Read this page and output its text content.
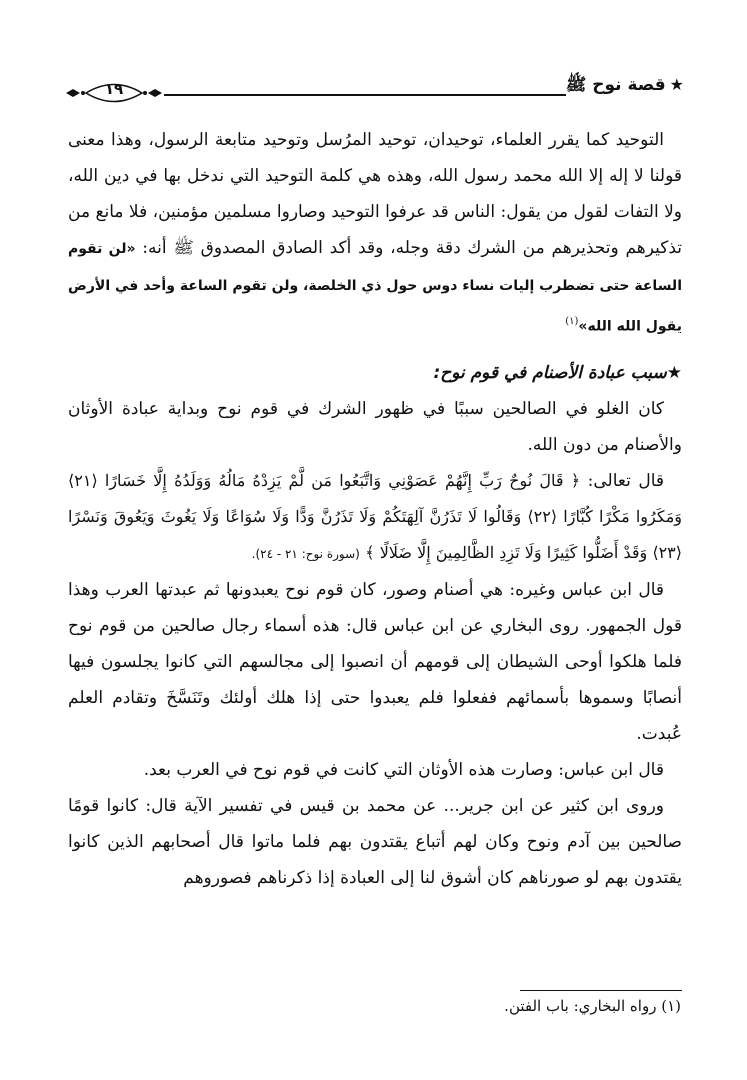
★قصة نوح ﷺ
١٩

التوحيد كما يقرر العلماء، توحيدان، توحيد المرُسل وتوحيد متابعة الرسول، وهذا معنى قولنا لا إله إلا الله محمد رسول الله، وهذه هي كلمة التوحيد التي ندخل بها في دين الله، ولا التفات لقول من يقول: الناس قد عرفوا التوحيد وصاروا مسلمين مؤمنين، فلا مانع من تذكيرهم وتحذيرهم من الشرك دقة وجله، وقد أكد الصادق المصدوق ﷺ أنه: «لن تقوم الساعة حتى تضطرب إليات نساء دوس حول ذي الخلصة، ولن تقوم الساعة وأحد في الأرض يقول الله الله»$^{(١)}$

★سبب عبادة الأصنام في قوم نوح:

كان الغلو في الصالحين سببًا في ظهور الشرك في قوم نوح وبداية عبادة الأوثان والأصنام من دون الله.

قال تعالى: ﴿ قَالَ نُوحٌ رَبِّ إِنَّهُمْ عَصَوْنِي وَاتَّبَعُوا مَن لَّمْ يَزِدْهُ مَالُهُ وَوَلَدُهُ إِلَّا خَسَارًا ⟨٢١⟩ وَمَكَرُوا مَكْرًا كُبَّارًا ⟨٢٢⟩ وَقَالُوا لَا تَذَرُنَّ آلِهَتَكُمْ وَلَا تَذَرُنَّ وَدًّا وَلَا سُوَاعًا وَلَا يَغُوثَ وَيَعُوقَ وَنَسْرًا ⟨٢٣⟩ وَقَدْ أَضَلُّوا كَثِيرًا وَلَا تَزِدِ الظَّالِمِينَ إِلَّا ضَلَالًا ﴾ (سورة نوح: ٢١ - ٢٤).

قال ابن عباس وغيره: هي أصنام وصور، كان قوم نوح يعبدونها ثم عبدتها العرب وهذا قول الجمهور. روى البخاري عن ابن عباس قال: هذه أسماء رجال صالحين من قوم نوح فلما هلكوا أوحى الشيطان إلى قومهم أن انصبوا إلى مجالسهم التي كانوا يجلسون فيها أنصابًا وسموها بأسمائهم ففعلوا فلم يعبدوا حتى إذا هلك أولئك وتَنَسَّخَ وتقادم العلم عُبدت.

قال ابن عباس: وصارت هذه الأوثان التي كانت في قوم نوح في العرب بعد.

وروى ابن كثير عن ابن جرير... عن محمد بن قيس في تفسير الآية قال: كانوا قومًا صالحين بين آدم ونوح وكان لهم أتباع يقتدون بهم فلما ماتوا قال أصحابهم الذين كانوا يقتدون بهم لو صورناهم كان أشوق لنا إلى العبادة إذا ذكرناهم فصوروهم

(١) رواه البخاري: باب الفتن.
